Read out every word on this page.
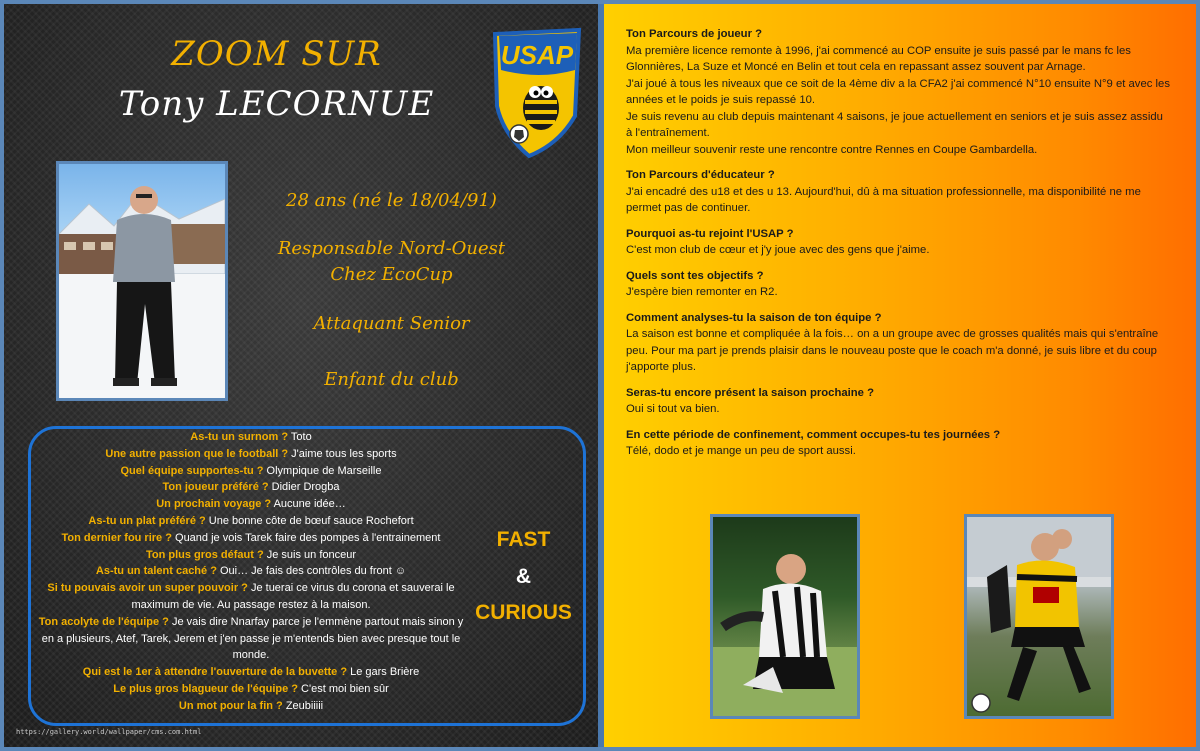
ZOOM SUR
Tony LECORNUE
USAP
28 ans (né le 18/04/91)
Responsable Nord-Ouest
Chez EcoCup
Attaquant Senior
Enfant du club
As-tu un surnom ? Toto
Une autre passion que le football ? J'aime tous les sports
Quel équipe supportes-tu ? Olympique de Marseille
Ton joueur préféré ? Didier Drogba
Un prochain voyage ? Aucune idée…
As-tu un plat préféré ? Une bonne côte de bœuf sauce Rochefort
Ton dernier fou rire ? Quand je vois Tarek faire des pompes à l'entrainement
Ton plus gros défaut ? Je suis un fonceur
As-tu un talent caché ? Oui… Je fais des contrôles du front ☺
Si tu pouvais avoir un super pouvoir ? Je tuerai ce virus du corona et sauverai le maximum de vie. Au passage restez à la maison.
Ton acolyte de l'équipe ? Je vais dire Nnarfay parce je l'emmène partout mais sinon y en a plusieurs, Atef, Tarek, Jerem et j'en passe je m'entends bien avec presque tout le monde.
Qui est le 1er à attendre l'ouverture de la buvette ? Le gars Brière
Le plus gros blagueur de l'équipe ? C'est moi bien sûr
Un mot pour la fin ? Zeubiiiii
FAST
&
CURIOUS
https://gallery.world/wallpaper/cms.com.html
Ton Parcours de joueur ?
Ma première licence remonte à 1996, j'ai commencé au COP ensuite je suis passé par le mans fc les Glonnières, La Suze et Moncé en Belin et tout cela en repassant assez souvent par Arnage.
J'ai joué à tous les niveaux que ce soit de la 4ème div a la CFA2 j'ai commencé N°10 ensuite N°9 et avec les années et le poids je suis repassé 10.
Je suis revenu au club depuis maintenant 4 saisons, je joue actuellement en seniors et je suis assez assidu à l'entraînement.
Mon meilleur souvenir reste une rencontre contre Rennes en Coupe Gambardella.
Ton Parcours d'éducateur ?
J'ai encadré des u18 et des u 13. Aujourd'hui, dû à ma situation professionnelle, ma disponibilité ne me permet pas de continuer.
Pourquoi as-tu rejoint l'USAP ?
C'est mon club de cœur et j'y joue avec des gens que j'aime.
Quels sont tes objectifs ?
J'espère bien remonter en R2.
Comment analyses-tu la saison de ton équipe ?
La saison est bonne et compliquée à la fois… on a un groupe avec de grosses qualités mais qui s'entraîne peu. Pour ma part je prends plaisir dans le nouveau poste que le coach m'a donné, je suis libre et du coup j'apporte plus.
Seras-tu encore présent la saison prochaine ?
Oui si tout va bien.
En cette période de confinement, comment occupes-tu tes journées ?
Télé, dodo et je mange un peu de sport aussi.
